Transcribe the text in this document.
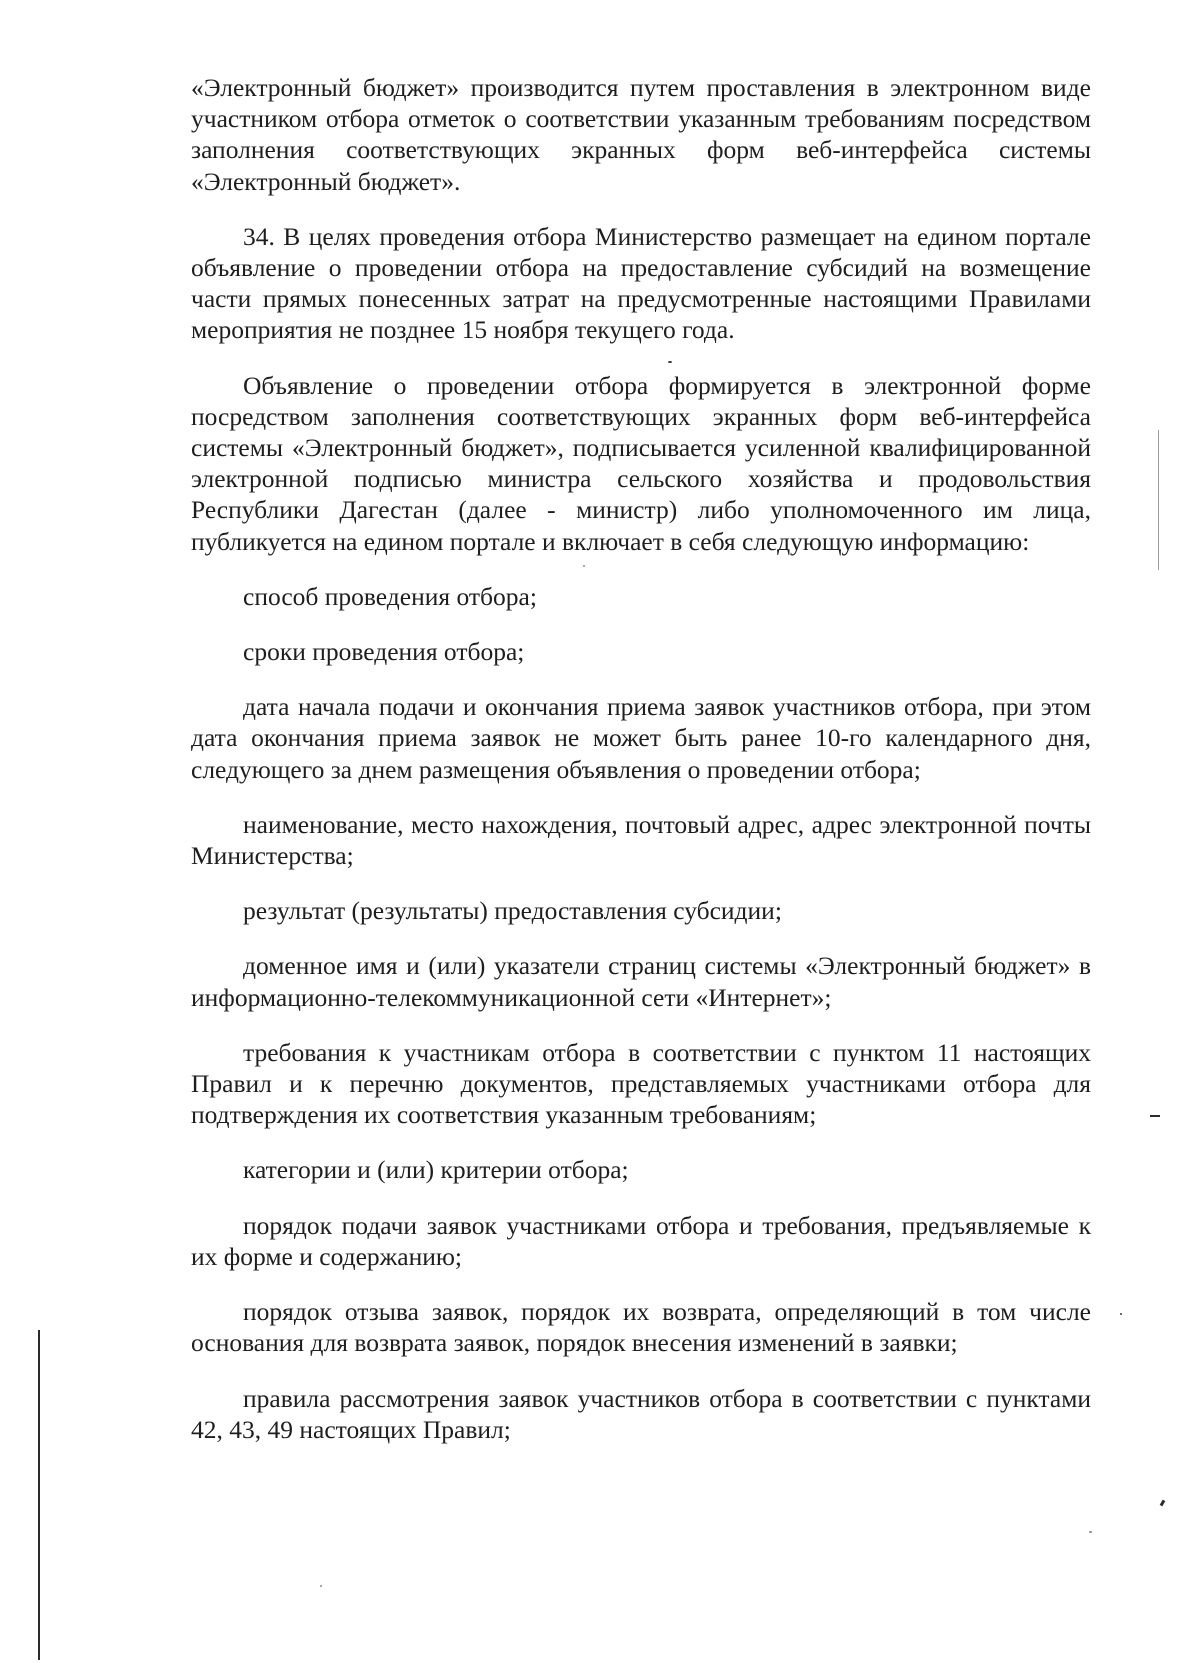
«Электронный бюджет» производится путем проставления в электронном виде участником отбора отметок о соответствии указанным требованиям посредством заполнения соответствующих экранных форм веб-интерфейса системы «Электронный бюджет».

34. В целях проведения отбора Министерство размещает на едином портале объявление о проведении отбора на предоставление субсидий на возмещение части прямых понесенных затрат на предусмотренные настоящими Правилами мероприятия не позднее 15 ноября текущего года.

Объявление о проведении отбора формируется в электронной форме посредством заполнения соответствующих экранных форм веб-интерфейса системы «Электронный бюджет», подписывается усиленной квалифицированной электронной подписью министра сельского хозяйства и продовольствия Республики Дагестан (далее - министр) либо уполномоченного им лица, публикуется на едином портале и включает в себя следующую информацию:

способ проведения отбора;

сроки проведения отбора;

дата начала подачи и окончания приема заявок участников отбора, при этом дата окончания приема заявок не может быть ранее 10-го календарного дня, следующего за днем размещения объявления о проведении отбора;

наименование, место нахождения, почтовый адрес, адрес электронной почты Министерства;

результат (результаты) предоставления субсидии;

доменное имя и (или) указатели страниц системы «Электронный бюджет» в информационно-телекоммуникационной сети «Интернет»;

требования к участникам отбора в соответствии с пунктом 11 настоящих Правил и к перечню документов, представляемых участниками отбора для подтверждения их соответствия указанным требованиям;

категории и (или) критерии отбора;

порядок подачи заявок участниками отбора и требования, предъявляемые к их форме и содержанию;

порядок отзыва заявок, порядок их возврата, определяющий в том числе основания для возврата заявок, порядок внесения изменений в заявки;

правила рассмотрения заявок участников отбора в соответствии с пунктами 42, 43, 49 настоящих Правил;
